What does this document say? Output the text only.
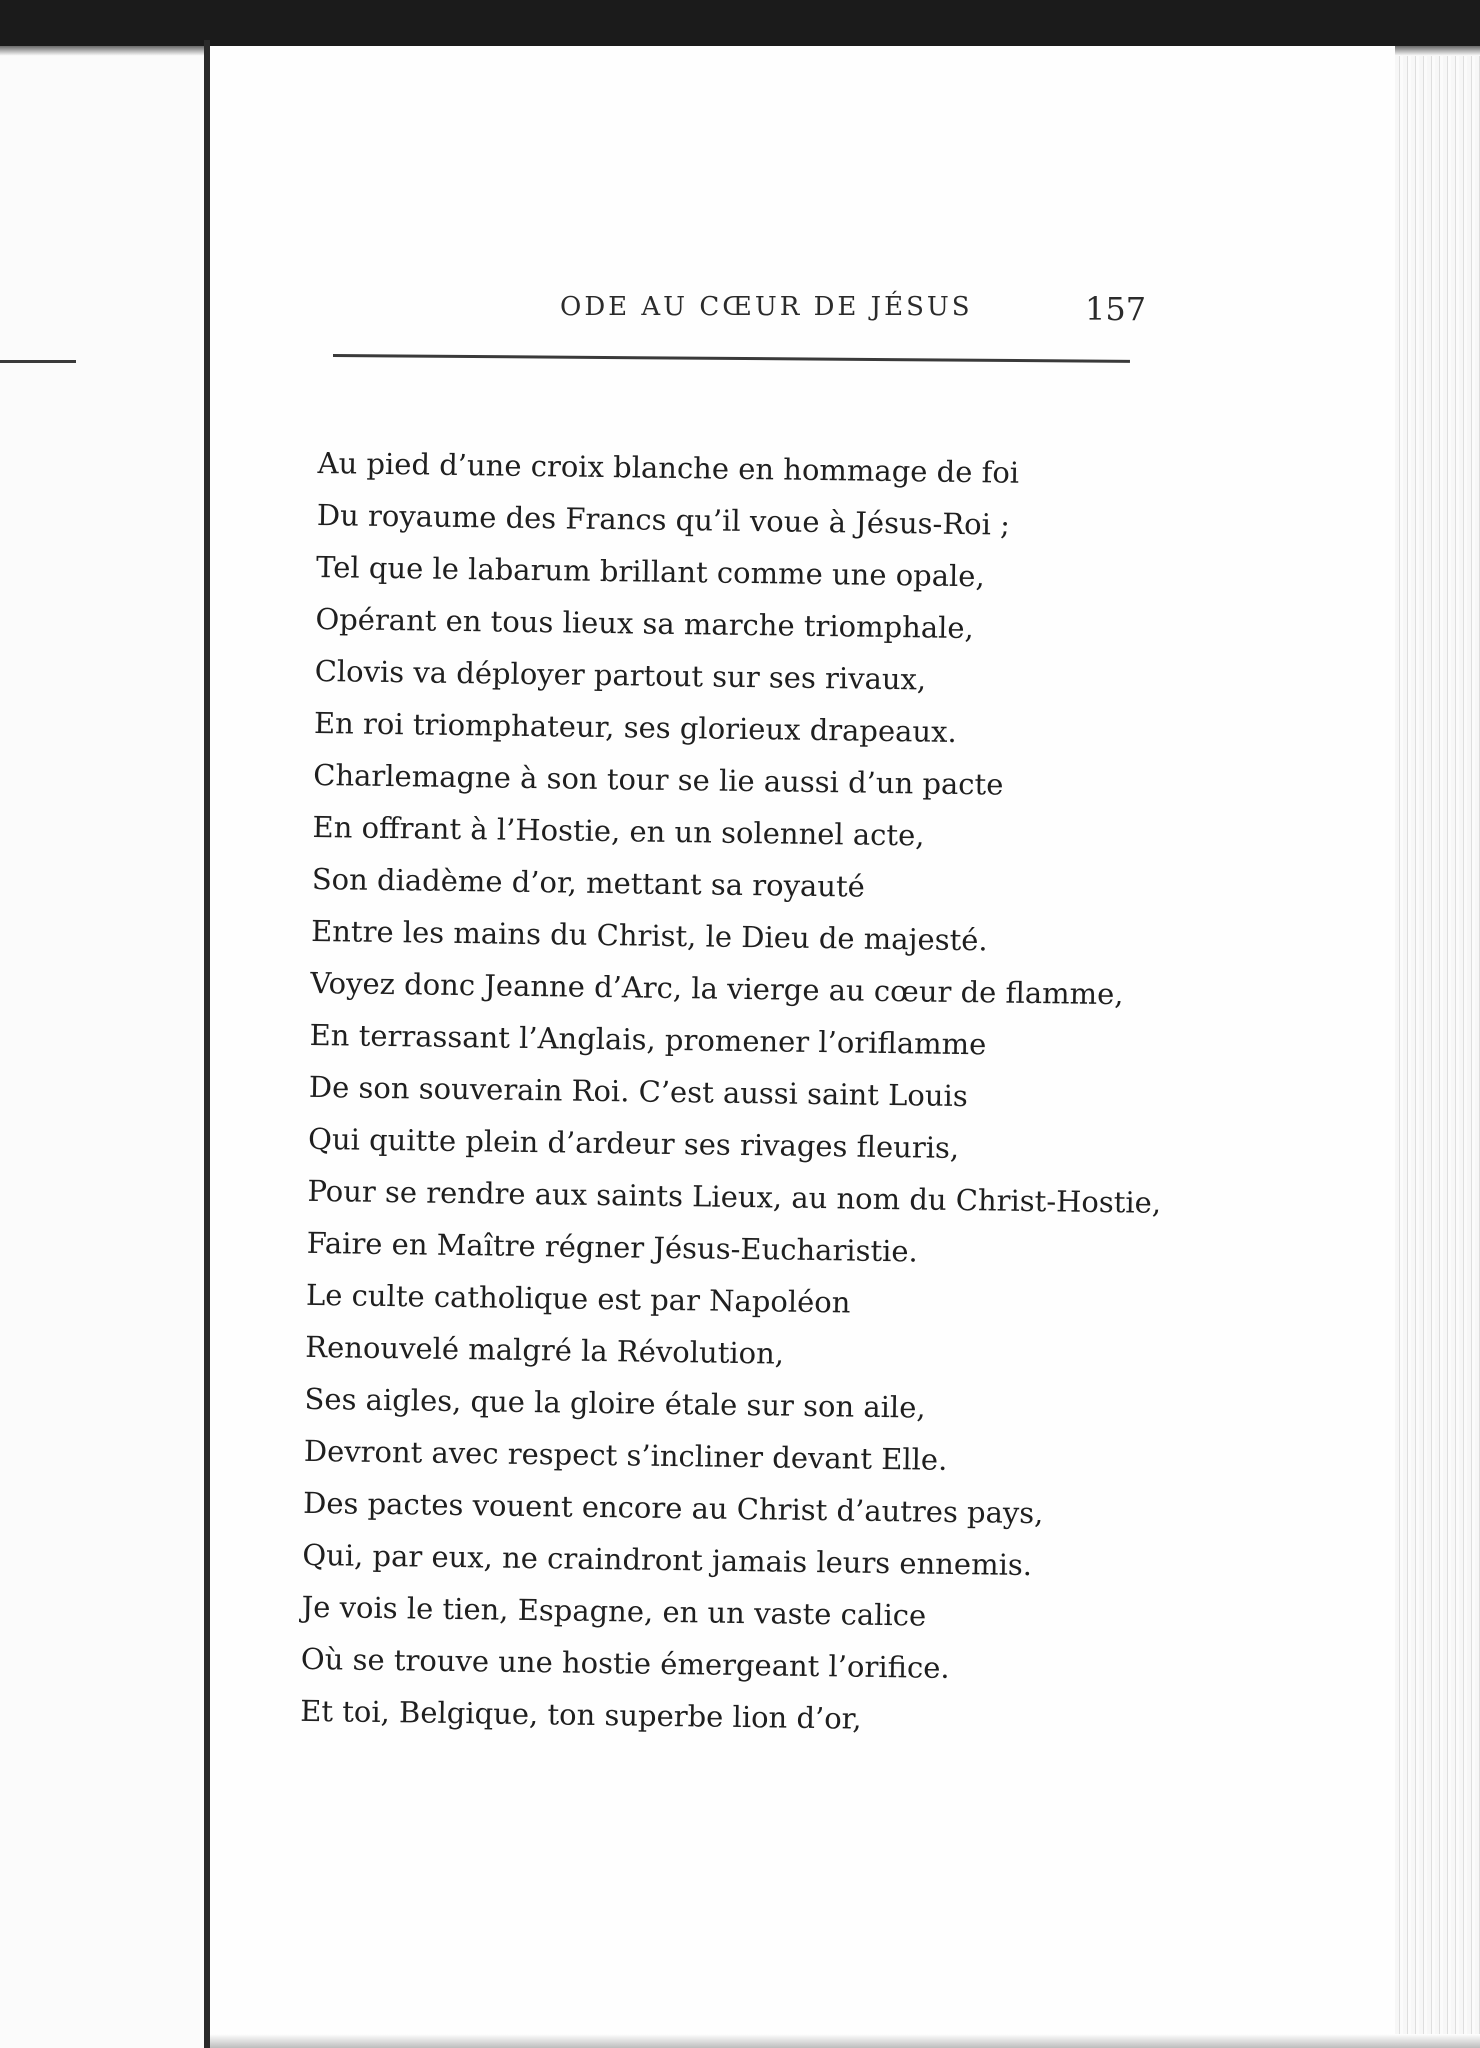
ODE AU CŒUR DE JÉSUS	157
Au pied d’une croix blanche en hommage de foi
Du royaume des Francs qu’il voue à Jésus-Roi ;
Tel que le labarum brillant comme une opale,
Opérant en tous lieux sa marche triomphale,
Clovis va déployer partout sur ses rivaux,
En roi triomphateur, ses glorieux drapeaux.
Charlemagne à son tour se lie aussi d’un pacte
En offrant à l’Hostie, en un solennel acte,
Son diadème d’or, mettant sa royauté
Entre les mains du Christ, le Dieu de majesté.
Voyez donc Jeanne d’Arc, la vierge au cœur de flamme,
En terrassant l’Anglais, promener l’oriflamme
De son souverain Roi. C’est aussi saint Louis
Qui quitte plein d’ardeur ses rivages fleuris,
Pour se rendre aux saints Lieux, au nom du Christ-Hostie,
Faire en Maître régner Jésus-Eucharistie.
Le culte catholique est par Napoléon
Renouvelé malgré la Révolution,
Ses aigles, que la gloire étale sur son aile,
Devront avec respect s’incliner devant Elle.
Des pactes vouent encore au Christ d’autres pays,
Qui, par eux, ne craindront jamais leurs ennemis.
Je vois le tien, Espagne, en un vaste calice
Où se trouve une hostie émergeant l’orifice.
Et toi, Belgique, ton superbe lion d’or,
